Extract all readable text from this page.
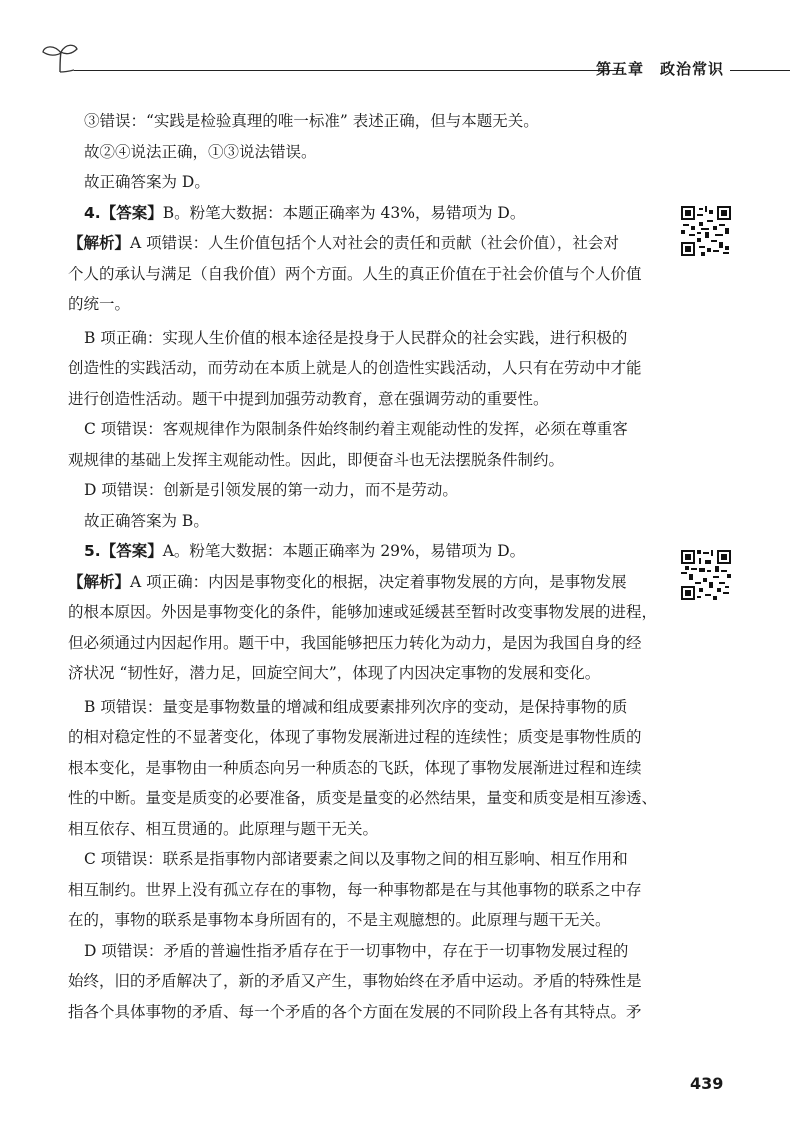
第五章　政治常识

③错误：“实践是检验真理的唯一标准” 表述正确，但与本题无关。

故②④说法正确，①③说法错误。

故正确答案为 D。

4.【答案】B。粉笔大数据：本题正确率为 43%，易错项为 D。

【解析】A 项错误：人生价值包括个人对社会的责任和贡献（社会价值），社会对

个人的承认与满足（自我价值）两个方面。人生的真正价值在于社会价值与个人价值

的统一。

B 项正确：实现人生价值的根本途径是投身于人民群众的社会实践，进行积极的

创造性的实践活动，而劳动在本质上就是人的创造性实践活动，人只有在劳动中才能

进行创造性活动。题干中提到加强劳动教育，意在强调劳动的重要性。

C 项错误：客观规律作为限制条件始终制约着主观能动性的发挥，必须在尊重客

观规律的基础上发挥主观能动性。因此，即便奋斗也无法摆脱条件制约。

D 项错误：创新是引领发展的第一动力，而不是劳动。

故正确答案为 B。

5.【答案】A。粉笔大数据：本题正确率为 29%，易错项为 D。

【解析】A 项正确：内因是事物变化的根据，决定着事物发展的方向，是事物发展

的根本原因。外因是事物变化的条件，能够加速或延缓甚至暂时改变事物发展的进程，

但必须通过内因起作用。题干中，我国能够把压力转化为动力，是因为我国自身的经

济状况 “韧性好，潜力足，回旋空间大”，体现了内因决定事物的发展和变化。

B 项错误：量变是事物数量的增减和组成要素排列次序的变动，是保持事物的质

的相对稳定性的不显著变化，体现了事物发展渐进过程的连续性；质变是事物性质的

根本变化，是事物由一种质态向另一种质态的飞跃，体现了事物发展渐进过程和连续

性的中断。量变是质变的必要准备，质变是量变的必然结果，量变和质变是相互渗透、

相互依存、相互贯通的。此原理与题干无关。

C 项错误：联系是指事物内部诸要素之间以及事物之间的相互影响、相互作用和

相互制约。世界上没有孤立存在的事物，每一种事物都是在与其他事物的联系之中存

在的，事物的联系是事物本身所固有的，不是主观臆想的。此原理与题干无关。

D 项错误：矛盾的普遍性指矛盾存在于一切事物中，存在于一切事物发展过程的

始终，旧的矛盾解决了，新的矛盾又产生，事物始终在矛盾中运动。矛盾的特殊性是

指各个具体事物的矛盾、每一个矛盾的各个方面在发展的不同阶段上各有其特点。矛

439
